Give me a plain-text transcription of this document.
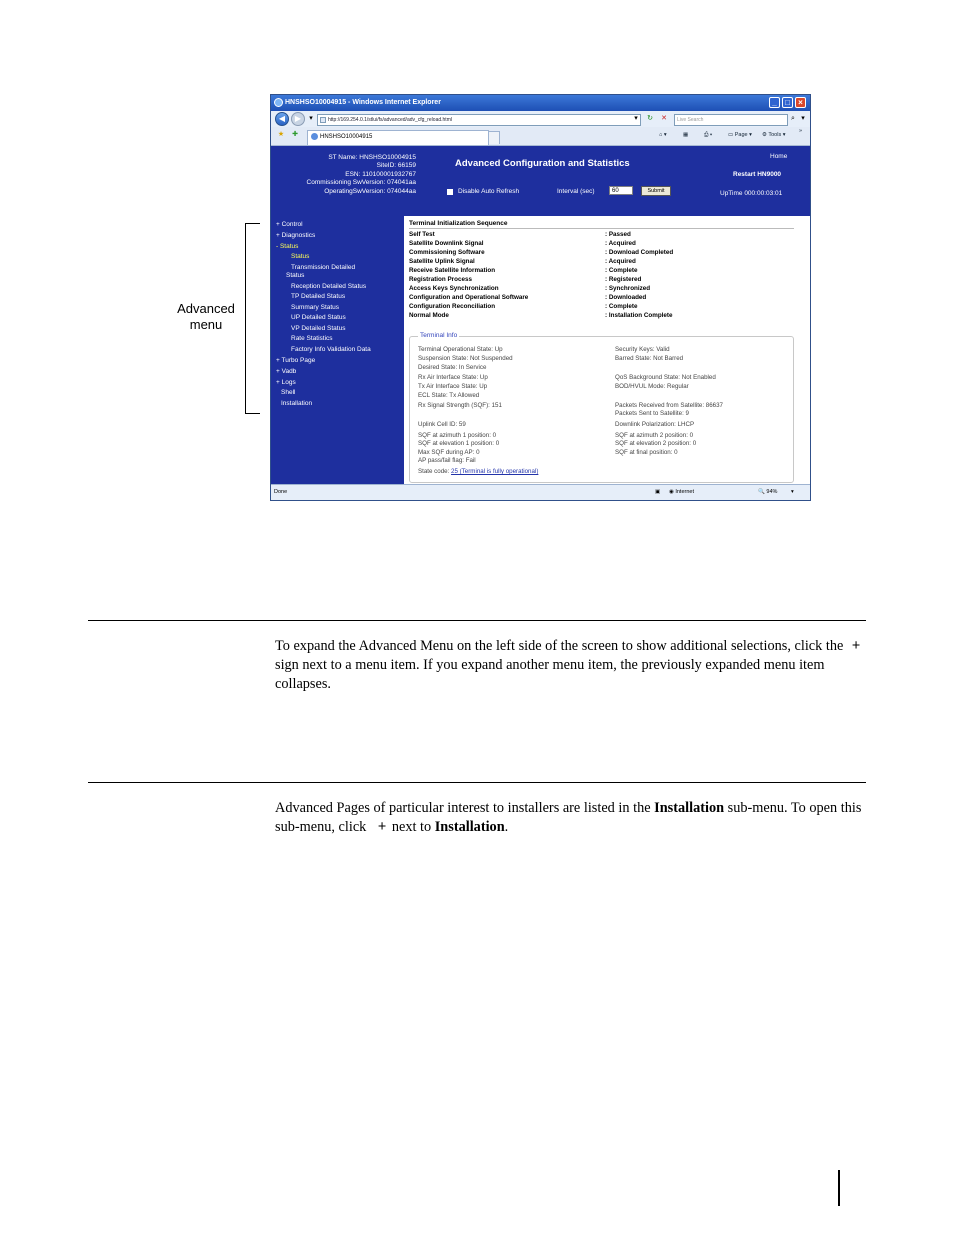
HNSHSO10004915 - Windows Internet Explorer	_	□	×
◀	▶	▾	http://169.254.0.1/stlui/fs/advanced/adv_cfg_reload.html	▾	↻ ✕	Live Search	⌕ ▾
★ ✚	HNSHSO10004915	⌂ ▾	▦	⎙ ▾	▭ Page ▾ ⚙ Tools ▾
»
ST Name: HNSHSO10004915
SiteID: 66159
ESN: 110100001932767
Commissioning SwVersion: 074041aa
OperatingSwVersion: 074044aa
Advanced Configuration and Statistics
Home
Restart HN9000
Disable Auto Refresh	Interval (sec)	60	Submit	UpTime 000:00:03:01
+ Control
+ Diagnostics
- Status
Status
Transmission Detailed
Status
Reception Detailed Status
TP Detailed Status
Summary Status
UP Detailed Status
VP Detailed Status
Rate Statistics
Factory Info Validation Data
+ Turbo Page
+ Vadb
+ Logs
Shell
Installation
Terminal Initialization Sequence
Self Test	: Passed
Satellite Downlink Signal	: Acquired
Commissioning Software	: Download Completed
Satellite Uplink Signal	: Acquired
Receive Satellite Information	: Complete
Registration Process	: Registered
Access Keys Synchronization	: Synchronized
Configuration and Operational Software	: Downloaded
Configuration Reconciliation	: Complete
Normal Mode	: Installation Complete
Terminal Info
Terminal Operational State: Up
Suspension State: Not Suspended
Desired State: In Service
Rx Air Interface State: Up
Tx Air Interface State: Up
ECL State: Tx Allowed
Rx Signal Strength (SQF): 151
Uplink Cell ID: 59
SQF at azimuth 1 position: 0
SQF at elevation 1 position: 0
Max SQF during AP: 0
AP pass/fail flag: Fail
Security Keys: Valid
Barred State: Not Barred
QoS Background State: Not Enabled
BOD/HVUL Mode: Regular
Packets Received from Satellite: 86637
Packets Sent to Satellite: 9
Downlink Polarization: LHCP
SQF at azimuth 2 position: 0
SQF at elevation 2 position: 0
SQF at final position: 0
State code: 25 (Terminal is fully operational)
Done	▣ ◉ Internet	🔍 94% ▾
Advanced
menu
To expand the Advanced Menu on the left side of the screen to show additional selections, click the + sign next to a menu item. If you expand another menu item, the previously expanded menu item collapses.
Advanced Pages of particular interest to installers are listed in the Installation sub-menu. To open this sub-menu, click + next to Installation.
